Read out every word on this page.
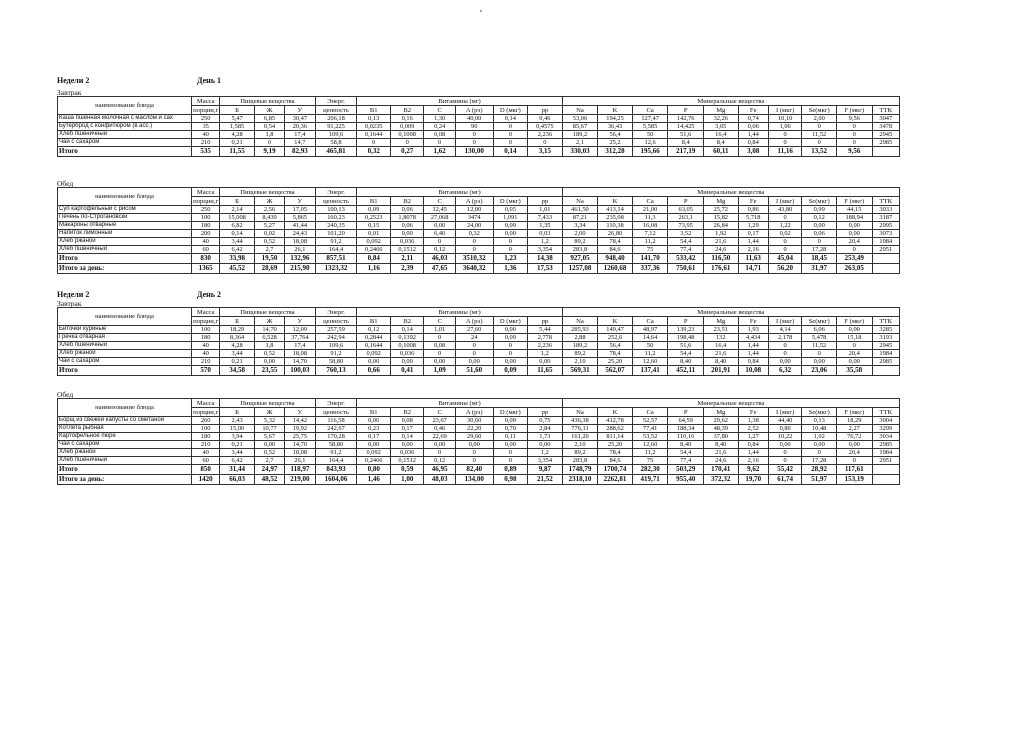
Недели 2	День 1
Завтрак
наименование блюда	Масса	Пищевые вещества			Энерг.	Витамины (мг)						Минеральные вещества									
	порции,г	Б	Ж	У	ценность	B1	B2	C	A (рэ)	D (мкг)	рр	Na	K	Ca	P	Mg	Fe	I (мкг)	Se(мкг)	F (мкг)	ТТК
Каша пшённая молочная с маслом и сах	250	5,47	6,85	30,47	206,18	0,13	0,16	1,30	40,00	0,14	0,46	53,06	194,25	127,47	142,76	32,26	0,74	10,10	2,00	9,56	3047
Бутерброд с конфитюром (в асс.)	35	1,585	0,54	20,36	91,225	0,0235	0,009	0,24	90	0	0,4575	85,67	36,43	5,585	14,425	3,05	0,06	1,06	0	0	3478
Хлеб пшеничный	40	4,28	1,8	17,4	109,6	0,1644	0,1008	0,08	0	0	2,236	189,2	56,4	50	51,6	16,4	1,44	0	11,52	0	2945
Чай с сахаром	210	0,21	0	14,7	58,8	0	0	0	0	0	0	2,1	25,2	12,6	8,4	8,4	0,84	0	0	0	2985
Итого	535	11,55	9,19	82,93	465,81	0,32	0,27	1,62	130,00	0,14	3,15	330,03	312,28	195,66	217,19	60,11	3,08	11,16	13,52	9,56	
Обед
наименование блюда	Масса	Пищевые вещества			Энерг.	Витамины (мг)						Минеральные вещества									
	порции,г	Б	Ж	У	ценность	B1	B2	C	A (рэ)	D (мкг)	рр	Na	K	Ca	P	Mg	Fe	I (мкг)	Se(мкг)	F (мкг)	ТТК
Суп картофельный с рисом	250	2,14	2,56	17,05	100,13	0,09	0,06	12,45	12,00	0,05	1,01	461,50	413,14	21,00	63,05	25,72	0,86	43,80	0,99	44,15	3033
Печень по-Строгановски	100	15,008	8,439	5,865	160,23	0,2523	1,8078	27,068	3474	1,091	7,433	87,21	235,08	11,3	263,1	15,82	5,718	0	0,12	188,94	3187
Макароны отварные	180	6,82	5,27	41,44	240,35	0,15	0,06	0,00	24,00	0,09	1,35	3,34	110,38	16,08	73,95	26,84	1,29	1,22	0,00	0,00	2995
Напиток лимонный	200	0,14	0,02	24,43	101,20	0,01	0,00	6,40	0,32	0,00	0,03	2,00	26,80	7,12	3,52	1,92	0,17	0,02	0,06	0,00	3073
Хлеб ржаной	40	3,44	0,52	18,08	91,2	0,092	0,036	0	0	0	1,2	89,2	78,4	11,2	54,4	21,6	1,44	0	0	20,4	1984
Хлеб пшеничный	60	6,42	2,7	26,1	164,4	0,2466	0,1512	0,12	0	0	3,354	283,8	84,6	75	77,4	24,6	2,16	0	17,28	0	2951
Итого	830	33,98	19,50	132,96	857,51	0,84	2,11	46,03	3510,32	1,23	14,38	927,05	948,40	141,70	533,42	116,50	11,63	45,04	18,45	253,49	
Итого за день:	1365	45,52	28,69	215,90	1323,32	1,16	2,39	47,65	3640,32	1,36	17,53	1257,08	1260,68	337,36	750,61	176,61	14,71	56,20	31,97	263,05	
Недели 2	День 2
Завтрак
наименование блюда	Масса	Пищевые вещества			Энерг.	Витамины (мг)						Минеральные вещества									
	порции,г	Б	Ж	У	ценность	B1	B2	C	A (рэ)	D (мкг)	рр	Na	K	Ca	P	Mg	Fe	I (мкг)	Se(мкг)	F (мкг)	ТТК
Биточки куриные	100	18,29	14,70	12,09	257,59	0,12	0,14	1,01	27,60	0,00	5,44	285,93	149,47	48,97	139,23	23,51	1,93	4,14	6,06	0,00	3285
Гречка отварная	180	8,364	6,528	37,764	242,94	0,2844	0,1392	0	24	0,09	2,778	2,88	252,6	14,64	198,48	132	4,434	2,178	5,478	15,18	3193
Хлеб пшеничный	40	4,28	1,8	17,4	109,6	0,1644	0,1008	0,08	0	0	2,236	189,2	56,4	50	51,6	16,4	1,44	0	11,52	0	2945
Хлеб ржаной	40	3,44	0,52	18,08	91,2	0,092	0,036	0	0	0	1,2	89,2	78,4	11,2	54,4	21,6	1,44	0	0	20,4	1984
Чай с сахаром	210	0,21	0,00	14,70	58,80	0,00	0,00	0,00	0,00	0,00	0,00	2,10	25,20	12,60	8,40	8,40	0,84	0,00	0,00	0,00	2985
Итого	570	34,58	23,55	100,03	760,13	0,66	0,41	1,09	51,60	0,09	11,65	569,31	562,07	137,41	452,11	201,91	10,08	6,32	23,06	35,58	
Обед
наименование блюда	Масса	Пищевые вещества			Энерг.	Витамины (мг)						Минеральные вещества									
	порции,г	Б	Ж	У	ценность	B1	B2	C	A (рэ)	D (мкг)	рр	Na	K	Ca	P	Mg	Fe	I (мкг)	Se(мкг)	F (мкг)	ТТК
Борщ из свежей капусты со сметаной	260	2,43	5,32	14,42	116,58	0,06	0,08	23,67	30,60	0,09	0,75	436,38	412,78	52,57	64,59	29,62	1,38	44,40	0,13	18,29	3004
Котлета рыбная	100	15,00	10,77	19,92	242,67	0,23	0,17	0,46	22,20	0,70	2,84	776,11	288,62	77,41	188,34	48,39	2,52	0,80	10,48	2,27	3299
Картофельное пюре	180	3,94	5,67	25,75	170,28	0,17	0,14	22,69	29,60	0,11	1,73	161,20	811,14	53,52	110,16	37,80	1,27	10,22	1,02	76,72	3034
Чай с сахаром	210	0,21	0,00	14,70	58,80	0,00	0,00	0,00	0,00	0,00	0,00	2,10	25,20	12,60	8,40	8,40	0,84	0,00	0,00	0,00	2985
Хлеб ржаной	40	3,44	0,52	18,08	91,2	0,092	0,036	0	0	0	1,2	89,2	78,4	11,2	54,4	21,6	1,44	0	0	20,4	1984
Хлеб пшеничный	60	6,42	2,7	26,1	164,4	0,2466	0,1512	0,12	0	0	3,354	283,8	84,6	75	77,4	24,6	2,16	0	17,28	0	2951
Итого	850	31,44	24,97	118,97	843,93	0,80	0,59	46,95	82,40	0,89	9,87	1748,79	1700,74	282,30	503,29	170,41	9,62	55,42	28,92	117,61	
Итого за день:	1420	66,03	48,52	219,00	1604,06	1,46	1,00	48,03	134,00	0,98	21,52	2318,10	2262,81	419,71	955,40	372,32	19,70	61,74	51,97	153,19	
